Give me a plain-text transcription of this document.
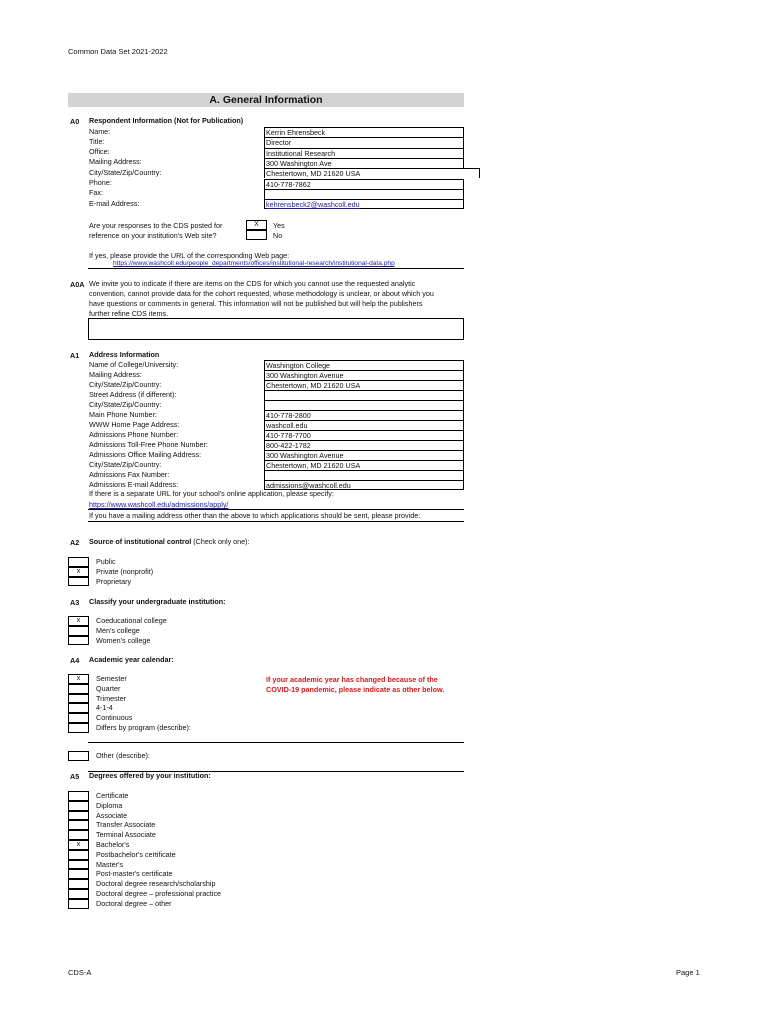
Common Data Set 2021-2022
A. General Information
A0 Respondent Information (Not for Publication)
Name:	Kerrin Ehrensbeck
Title:	Director
Office:	Institutional Research
Mailing Address:	300 Washington Ave
City/State/Zip/Country:	Chestertown, MD 21620 USA
Phone:	410-778-7862
Fax:
E-mail Address:	kehrensbeck2@washcoll.edu
Are your responses to the CDS posted for
reference on your institution's Web site?
X	Yes
No
If yes, please provide the URL of the corresponding Web page:
https://www.washcoll.edu/people_departments/offices/institutional-research/institutional-data.php
A0A We invite you to indicate if there are items on the CDS for which you cannot use the requested analytic
convention, cannot provide data for the cohort requested, whose methodology is unclear, or about which you
have questions or comments in general. This information will not be published but will help the publishers
further refine CDS items.
A1 Address Information
Name of College/University:	Washington College
Mailing Address:	300 Washington Avenue
City/State/Zip/Country:	Chestertown, MD 21620 USA
Street Address (if different):
City/State/Zip/Country:
Main Phone Number:	410-778-2800
WWW Home Page Address:	washcoll.edu
Admissions Phone Number:	410-778-7700
Admissions Toll-Free Phone Number:	800-422-1782
Admissions Office Mailing Address:	300 Washington Avenue
City/State/Zip/Country:	Chestertown, MD 21620 USA
Admissions Fax Number:
Admissions E-mail Address:	admissions@washcoll.edu
If there is a separate URL for your school's online application, please specify:
https://www.washcoll.edu/admissions/apply/
If you have a mailing address other than the above to which applications should be sent, please provide:
A2 Source of institutional control (Check only one):
Public
x	Private (nonprofit)
Proprietary
A3 Classify your undergraduate institution:
x	Coeducational college
Men's college
Women's college
A4 Academic year calendar:
x	Semester
Quarter
Trimester
4-1-4
Continuous
Differs by program (describe):
If your academic year has changed because of the
COVID-19 pandemic, please indicate as other below.
Other (describe):
A5 Degrees offered by your institution:
Certificate
Diploma
Associate
Transfer Associate
Terminal Associate
x	Bachelor's
Postbachelor's certificate
Master's
Post-master's certificate
Doctoral degree research/scholarship
Doctoral degree – professional practice
Doctoral degree – other
CDS-A	Page 1
